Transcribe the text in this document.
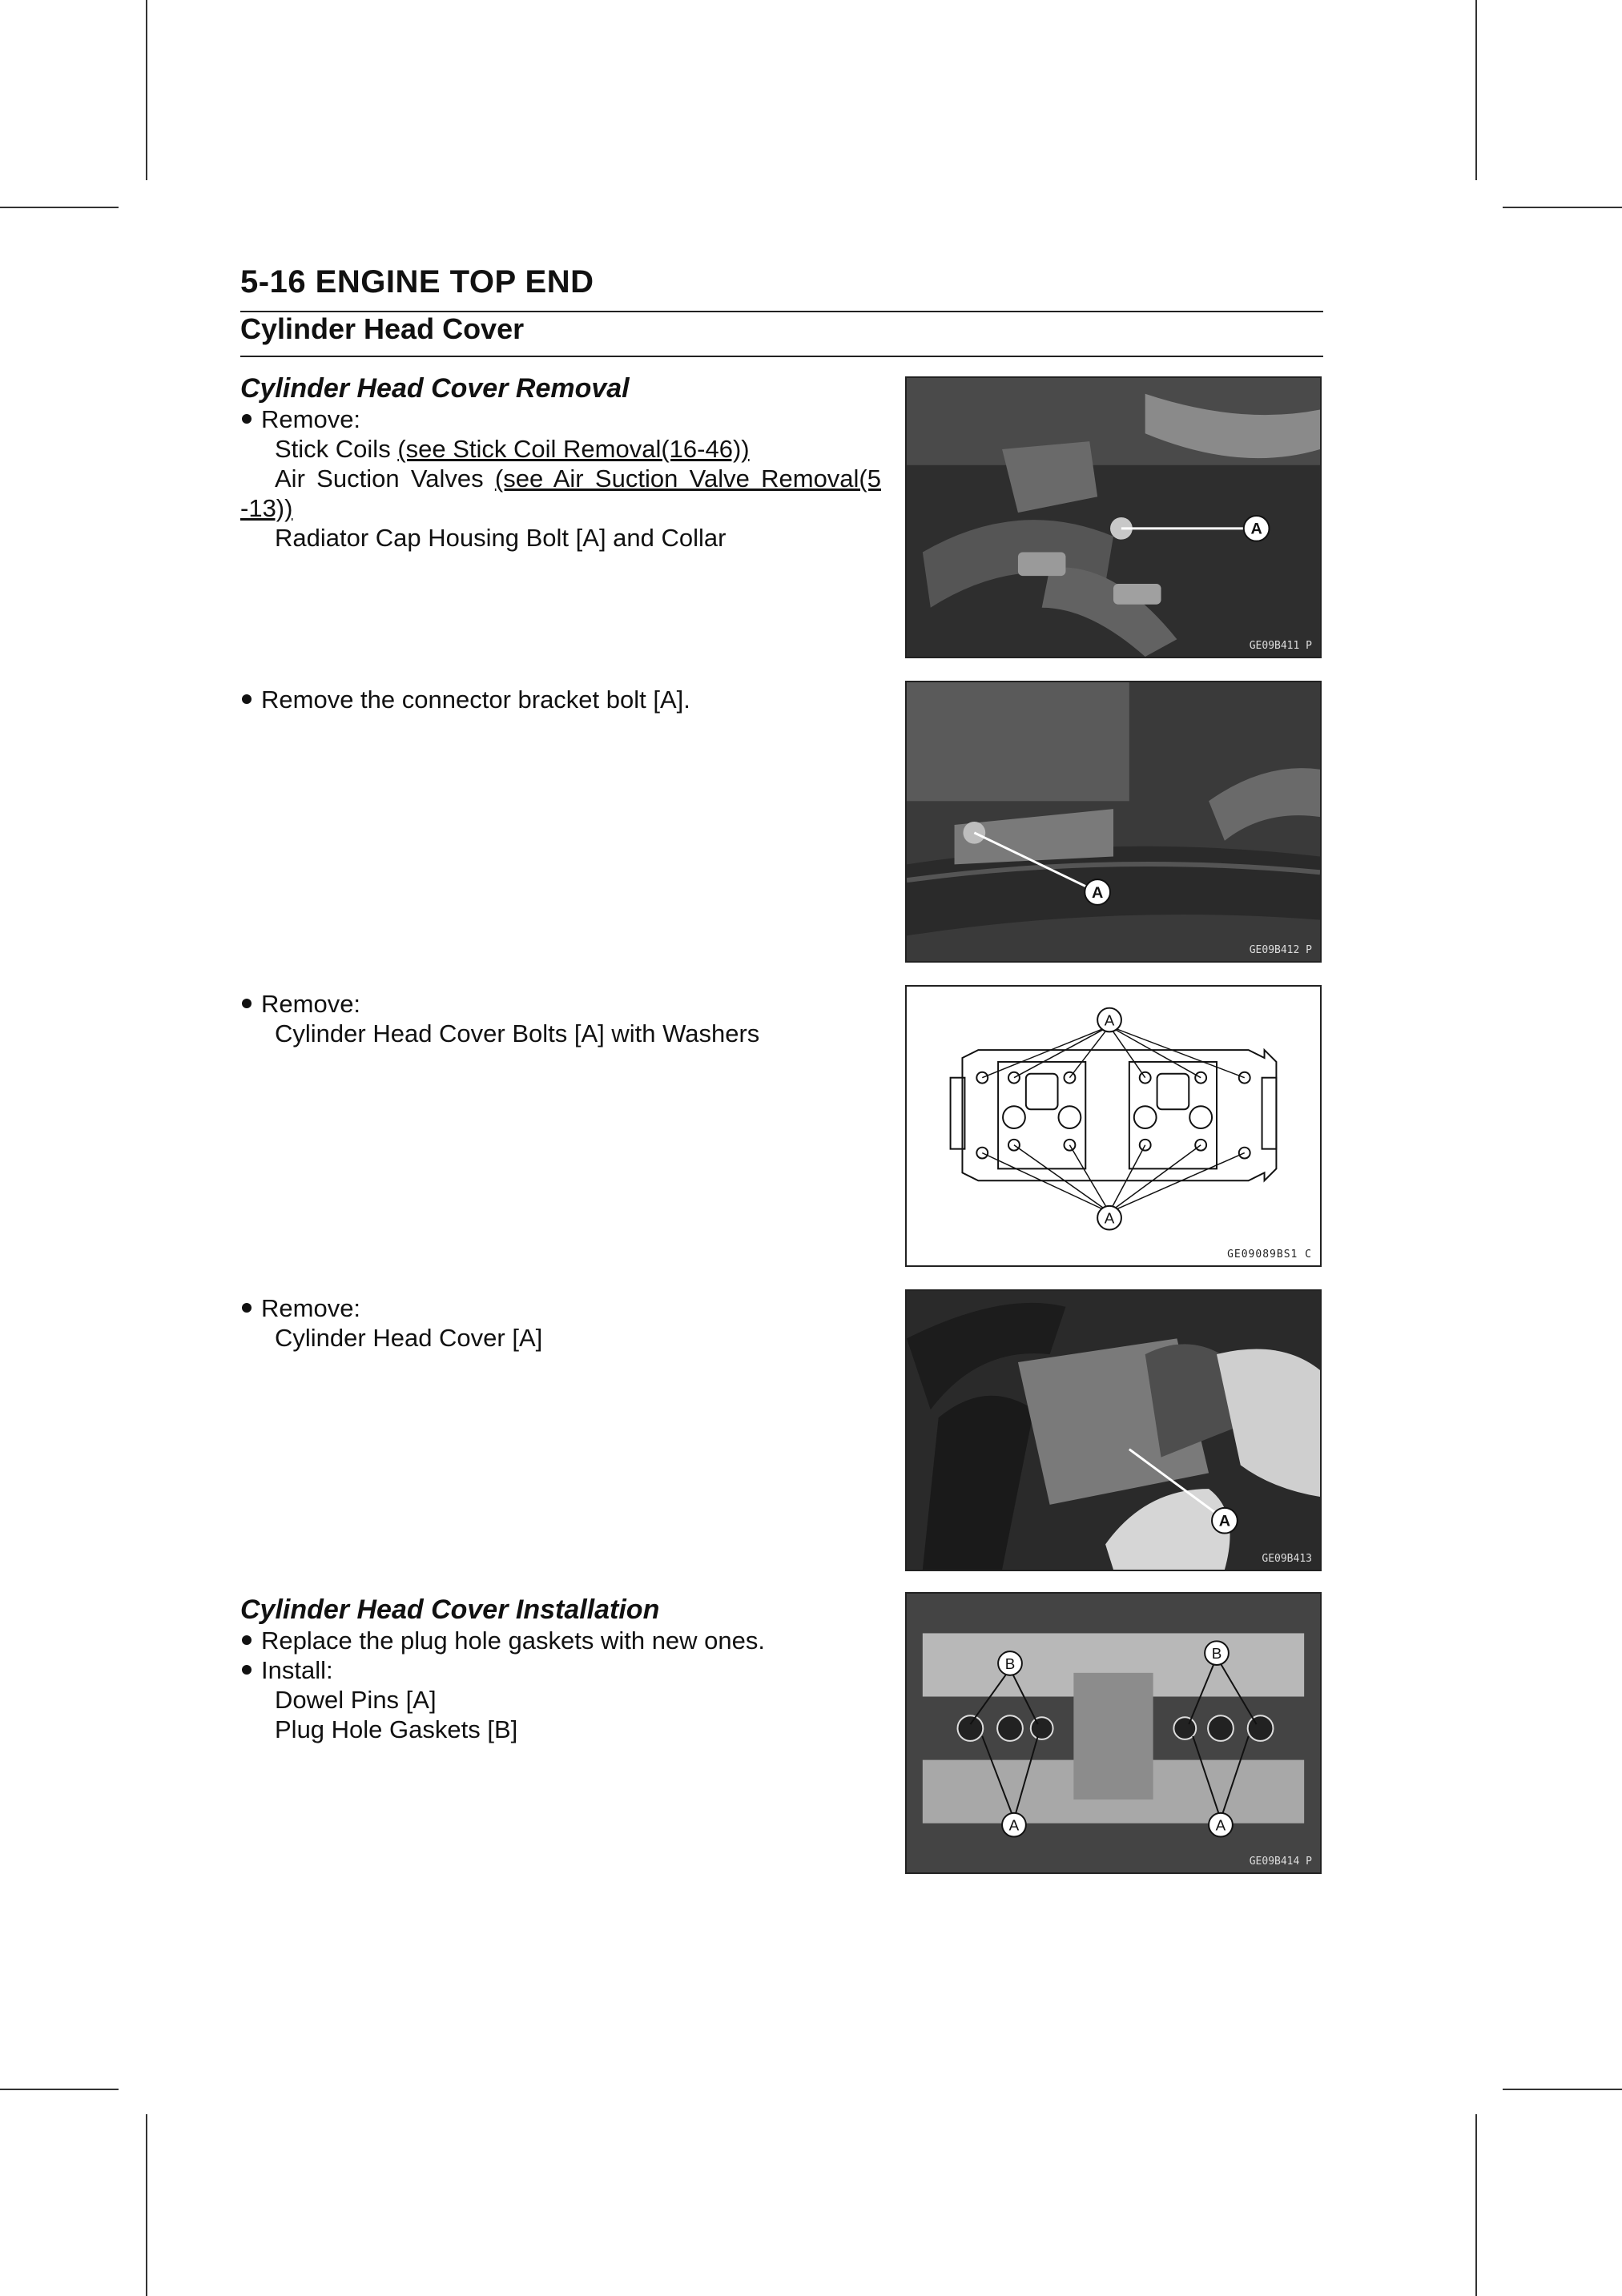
5-16 ENGINE TOP END
Cylinder Head Cover
Cylinder Head Cover Removal
Remove:
Stick Coils (see Stick Coil Removal(16-46))
Air Suction Valves (see Air Suction Valve Removal(5
-13))
Radiator Cap Housing Bolt [A] and Collar
Remove the connector bracket bolt [A].
Remove:
Cylinder Head Cover Bolts [A] with Washers
Remove:
Cylinder Head Cover [A]
Cylinder Head Cover Installation
Replace the plug hole gaskets with new ones.
Install:
Dowel Pins [A]
Plug Hole Gaskets [B]
A
GE09B411 P
A
GE09B412 P
A
A
GE09089BS1 C
A
GE09B413
B
B
A	A
GE09B414 P
